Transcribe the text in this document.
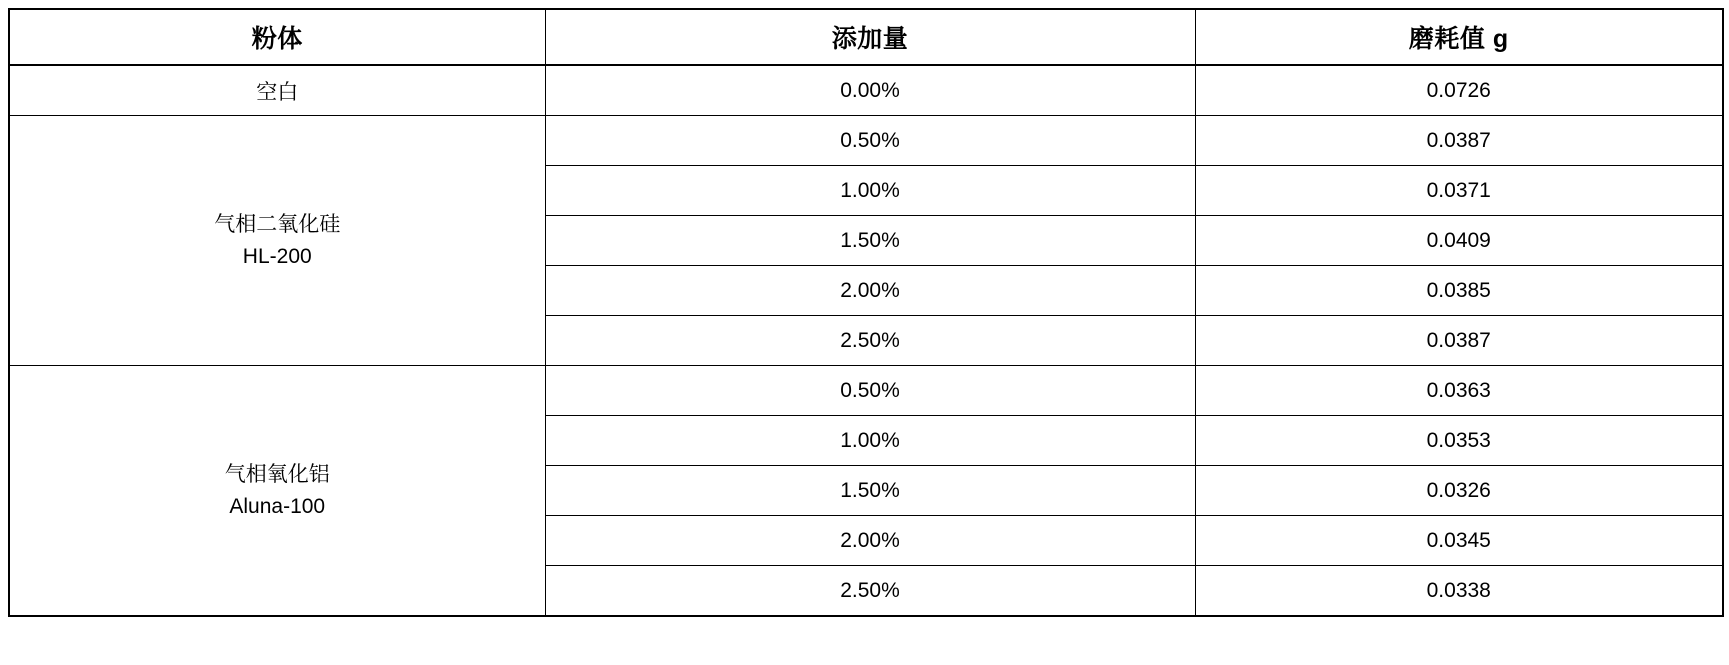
粉体	添加量	磨耗值 g
空白	0.00%	0.0726
气相二氧化硅
HL-200	0.50%	0.0387
	1.00%	0.0371
	1.50%	0.0409
	2.00%	0.0385
	2.50%	0.0387
气相氧化铝
Aluna-100	0.50%	0.0363
	1.00%	0.0353
	1.50%	0.0326
	2.00%	0.0345
	2.50%	0.0338
